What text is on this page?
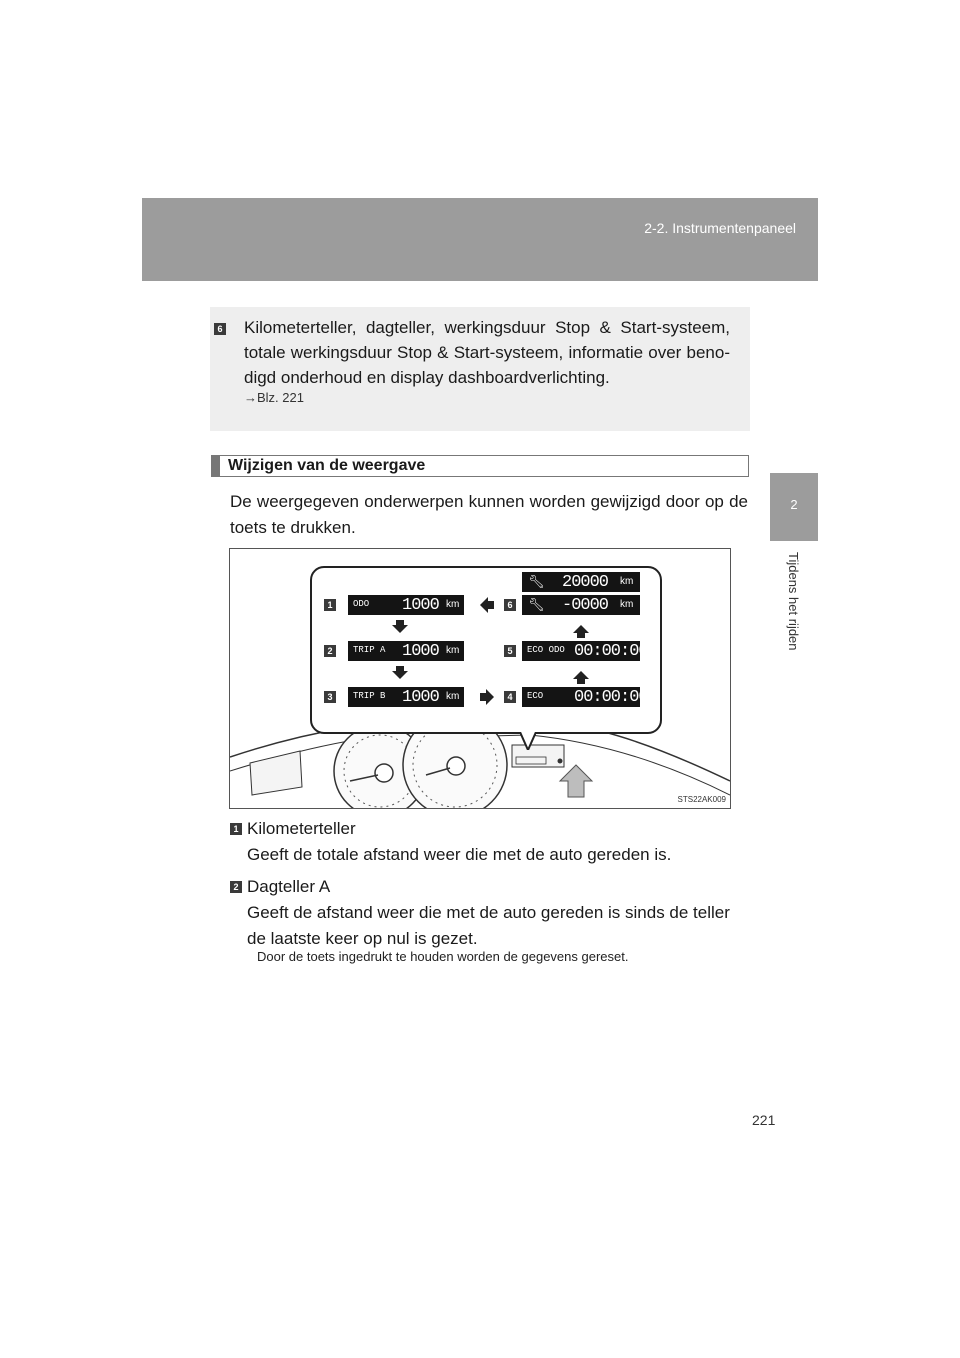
2-2. Instrumentenpaneel
2
Tijdens het rijden
6 Kilometerteller, dagteller, werkingsduur Stop & Start-systeem, totale werkingsduur Stop & Start-systeem, informatie over beno-digd onderhoud en display dashboardverlichting.
→Blz. 221
Wijzigen van de weergave
De weergegeven onderwerpen kunnen worden gewijzigd door op de toets te drukken.
1	ODO 1000 km
2	TRIP A 1000 km
3	TRIP B 1000 km
6
🔧︎ 20000 km
🔧︎ -0000 km
5	ECO ODO 00:00:00
4	ECO 00:00:00
STS22AK009
1 Kilometerteller
Geeft de totale afstand weer die met de auto gereden is.
2 Dagteller A
Geeft de afstand weer die met de auto gereden is sinds de teller de laatste keer op nul is gezet.
Door de toets ingedrukt te houden worden de gegevens gereset.
221
